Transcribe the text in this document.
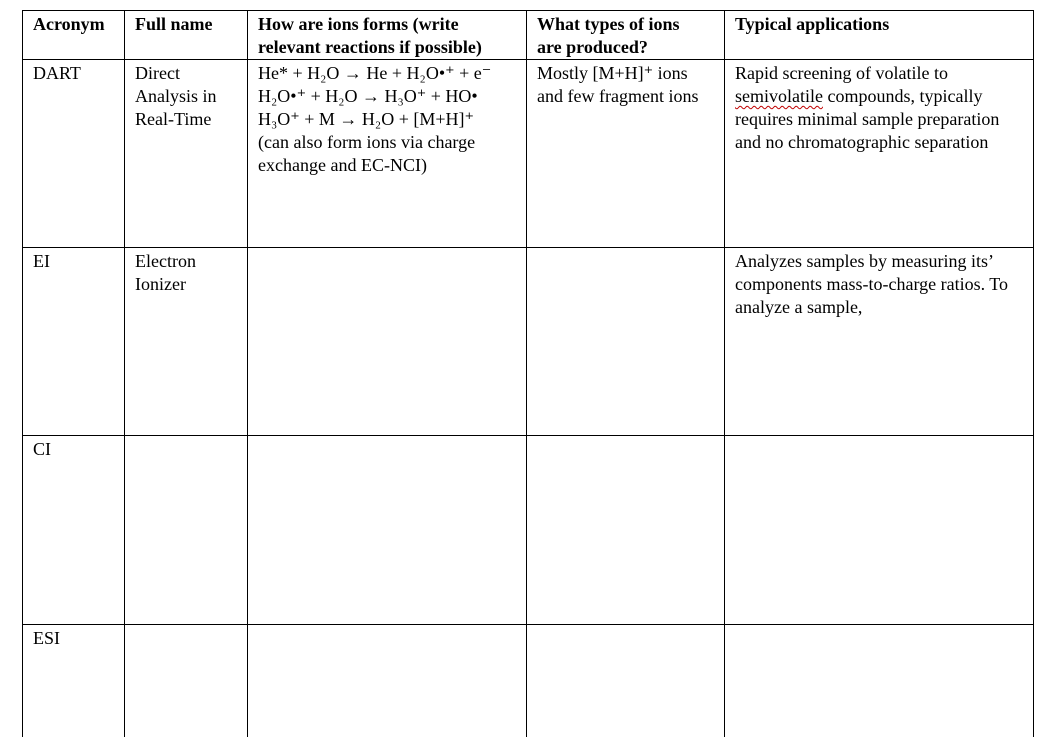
Acronym	Full name	How are ions forms (write
relevant reactions if possible)	What types of ions
are produced?	Typical applications
DART	Direct Analysis in Real-Time	He* + H₂O → He + H₂O•⁺ + e⁻
H₂O•⁺ + H₂O → H₃O⁺ + HO•
H₃O⁺ + M → H₂O + [M+H]⁺
(can also form ions via charge exchange and EC-NCI)	Mostly [M+H]⁺ ions and few fragment ions	Rapid screening of volatile to semivolatile compounds, typically requires minimal sample preparation and no chromatographic separation

EI	Electron Ionizer			Analyzes samples by measuring its’ components mass-to-charge ratios. To analyze a sample,

CI				
ESI				
